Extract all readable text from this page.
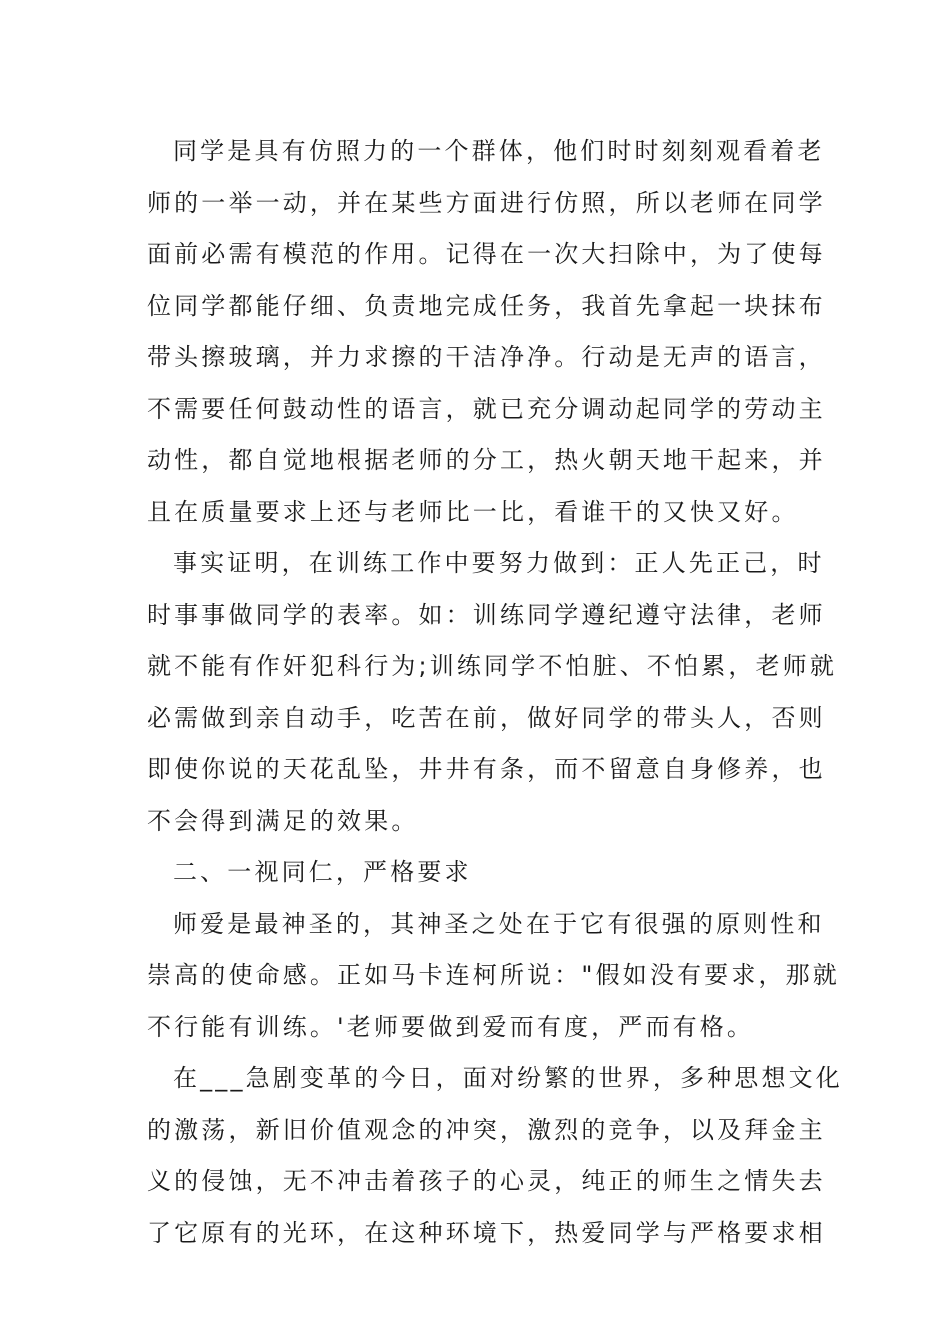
同学是具有仿照力的一个群体，他们时时刻刻观看着老
师的一举一动，并在某些方面进行仿照，所以老师在同学
面前必需有模范的作用。记得在一次大扫除中，为了使每
位同学都能仔细、负责地完成任务，我首先拿起一块抹布
带头擦玻璃，并力求擦的干洁净净。行动是无声的语言，
不需要任何鼓动性的语言，就已充分调动起同学的劳动主
动性，都自觉地根据老师的分工，热火朝天地干起来，并
且在质量要求上还与老师比一比，看谁干的又快又好。
事实证明，在训练工作中要努力做到：正人先正己，时
时事事做同学的表率。如：训练同学遵纪遵守法律，老师
就不能有作奸犯科行为;训练同学不怕脏、不怕累，老师就
必需做到亲自动手，吃苦在前，做好同学的带头人，否则
即使你说的天花乱坠，井井有条，而不留意自身修养，也
不会得到满足的效果。
二、一视同仁，严格要求
师爱是最神圣的，其神圣之处在于它有很强的原则性和
崇高的使命感。正如马卡连柯所说："假如没有要求，那就
不行能有训练。'老师要做到爱而有度，严而有格。
在___急剧变革的今日，面对纷繁的世界，多种思想文化
的激荡，新旧价值观念的冲突，激烈的竞争，以及拜金主
义的侵蚀，无不冲击着孩子的心灵，纯正的师生之情失去
了它原有的光环，在这种环境下，热爱同学与严格要求相
